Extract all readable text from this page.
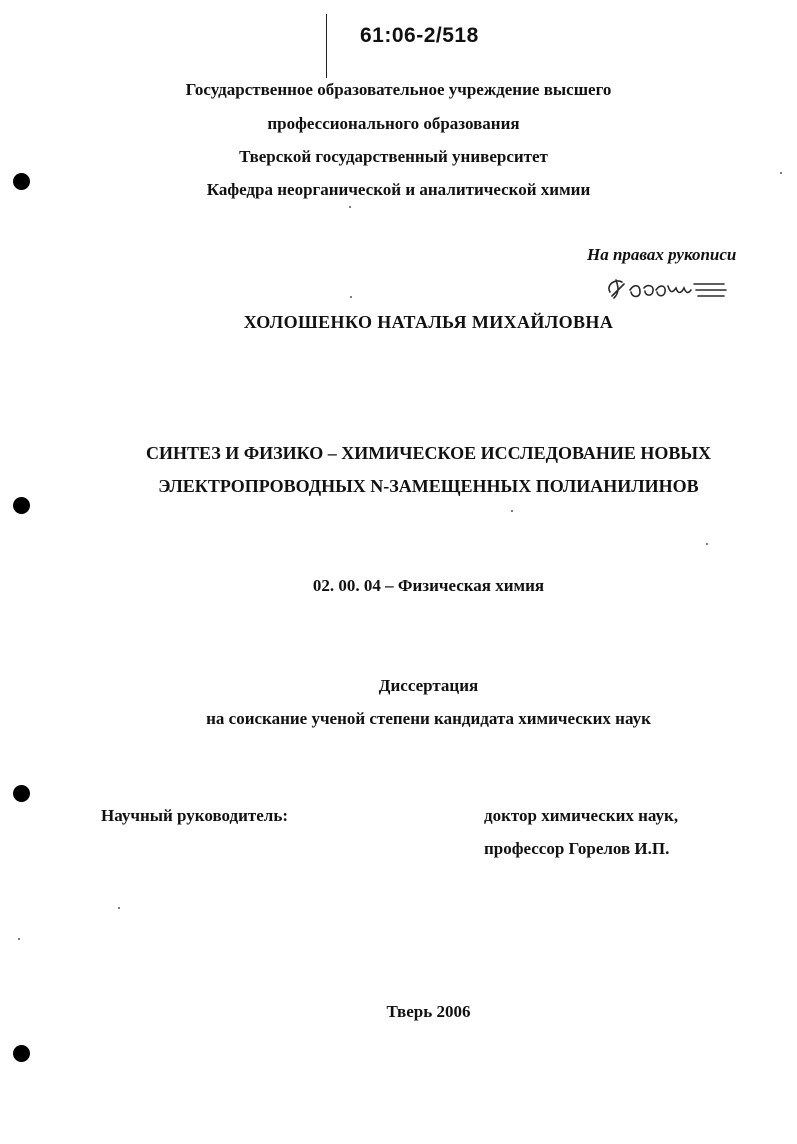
61:06-2/518
Государственное образовательное учреждение высшего
профессионального образования
Тверской государственный университет
Кафедра неорганической и аналитической химии
На правах рукописи
ХОЛОШЕНКО НАТАЛЬЯ МИХАЙЛОВНА
СИНТЕЗ И ФИЗИКО – ХИМИЧЕСКОЕ ИССЛЕДОВАНИЕ НОВЫХ
ЭЛЕКТРОПРОВОДНЫХ N-ЗАМЕЩЕННЫХ ПОЛИАНИЛИНОВ
02. 00. 04 – Физическая химия
Диссертация
на соискание ученой степени кандидата химических наук
Научный руководитель:	доктор химических наук,
профессор Горелов И.П.
Тверь 2006
